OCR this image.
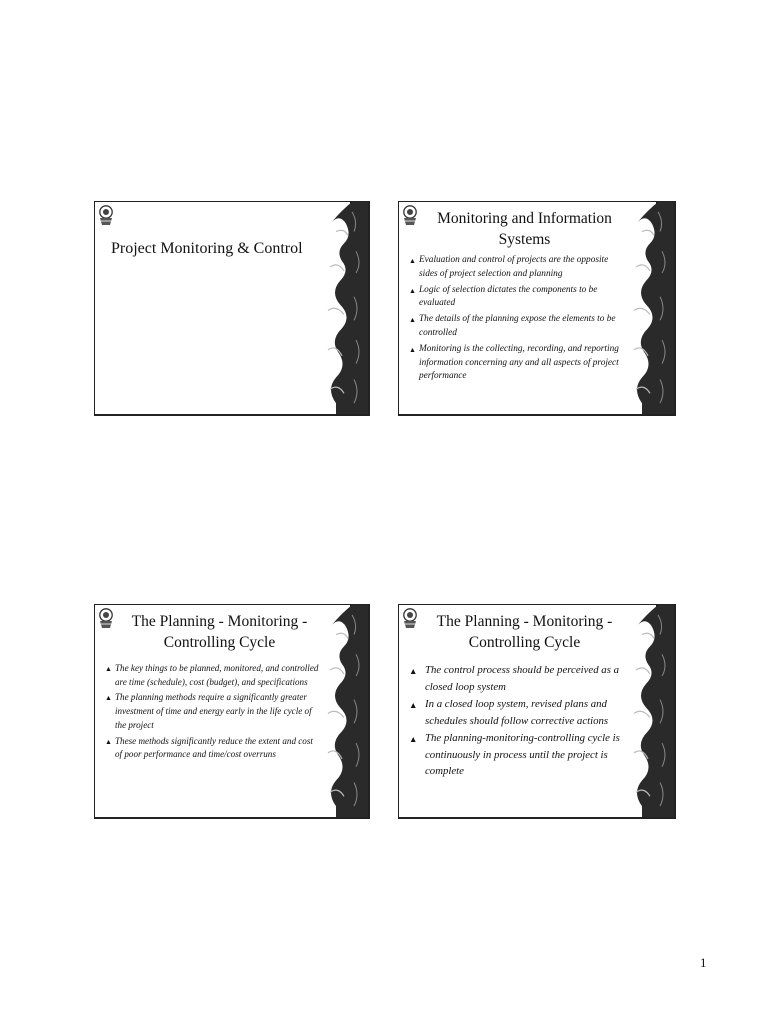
Project Monitoring & Control
Monitoring and Information Systems
▲ Evaluation and control of projects are the opposite sides of project selection and planning
▲ Logic of selection dictates the components to be evaluated
▲ The details of the planning expose the elements to be controlled
▲ Monitoring is the collecting, recording, and reporting information concerning any and all aspects of project performance
The Planning - Monitoring - Controlling Cycle
▲ The key things to be planned, monitored, and controlled are time (schedule), cost (budget), and specifications
▲ The planning methods require a significantly greater investment of time and energy early in the life cycle of the project
▲ These methods significantly reduce the extent and cost of poor performance and time/cost overruns
The Planning - Monitoring - Controlling Cycle
▲ The control process should be perceived as a closed loop system
▲ In a closed loop system, revised plans and schedules should follow corrective actions
▲ The planning-monitoring-controlling cycle is continuously in process until the project is complete
1
